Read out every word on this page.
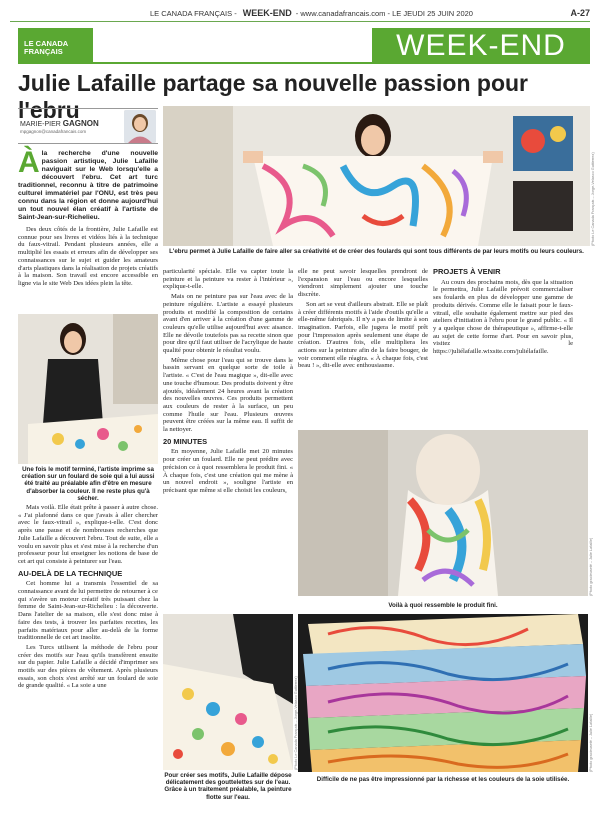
LE CANADA FRANÇAIS - WEEK-END - www.canadafrancais.com - LE JEUDI 25 JUIN 2020	A-27
LE CANADA
FRANÇAIS	WEEK-END
Julie Lafaille partage sa nouvelle passion pour l'ebru
MARIE-PIER GAGNON
mpgagnon@canadafrancais.com
À la recherche d'une nouvelle passion artistique, Julie Lafaille naviguait sur le Web lorsqu'elle a découvert l'ebru. Cet art turc traditionnel, reconnu à titre de patrimoine culturel immatériel par l'ONU, est très peu connu dans la région et donne aujourd'hui un tout nouvel élan créatif à l'artiste de Saint-Jean-sur-Richelieu.

Des deux côtés de la frontière, Julie Lafaille est connue pour ses livres et vidéos liés à la technique du faux-vitrail. Pendant plusieurs années, elle a multiplié les essais et erreurs afin de développer ses connaissances sur le sujet et guider les amateurs d'arts plastiques dans la réalisation de projets créatifs à la maison. Son travail est encore accessible en ligne via le site Web Des idées plein la tête.

(Photo Le Canada Français – Jorge-Velasco Guttierrez)
L'ebru permet à Julie Lafaille de faire aller sa créativité et de créer des foulards qui sont tous différents de par leurs motifs ou leurs couleurs.
Une fois le motif terminé, l'artiste imprime sa création sur un foulard de soie qui a lui aussi été traité au préalable afin d'être en mesure d'absorber la couleur. Il ne reste plus qu'à sécher.

Mais voilà. Elle était prête à passer à autre chose. « J'ai plafonné dans ce que j'avais à aller chercher avec le faux-vitrail », explique-t-elle. C'est donc après une pause et de nombreuses recherches que Julie Lafaille a découvert l'ebru. Tout de suite, elle a voulu en savoir plus et s'est mise à la recherche d'un professeur pour lui enseigner les notions de base de cet art qui consiste à peinturer sur l'eau.

AU-DELÀ DE LA TECHNIQUE

Cet homme lui a transmis l'essentiel de sa connaissance avant de lui permettre de retourner à ce qui s'avère un moteur créatif très puissant chez la femme de Saint-Jean-sur-Richelieu : la découverte. Dans l'atelier de sa maison, elle s'est donc mise à faire des tests, à trouver les parfaites recettes, les parfaits matériaux pour aller au-delà de la forme traditionnelle de cet art insolite.

Les Turcs utilisent la méthode de l'ebru pour créer des motifs sur l'eau qu'ils transfèrent ensuite sur du papier. Julie Lafaille a décidé d'imprimer ses motifs sur des pièces de vêtement. Après plusieurs essais, son choix s'est arrêté sur un foulard de soie de grande qualité. « La soie a une

particularité spéciale. Elle va capter toute la peinture et la peinture va rester à l'intérieur », explique-t-elle.

Mais on ne peinture pas sur l'eau avec de la peinture régulière. L'artiste a essayé plusieurs produits et modifié la composition de certains avant d'en arriver à la création d'une gamme de couleurs qu'elle utilise aujourd'hui avec aisance. Elle ne dévoile toutefois pas sa recette sinon que pour dire qu'il faut utiliser de l'acrylique de haute qualité pour obtenir le résultat voulu.

Même chose pour l'eau qui se trouve dans le bassin servant en quelque sorte de toile à l'artiste. « C'est de l'eau magique », dit-elle avec une touche d'humour. Des produits doivent y être ajoutés, idéalement 24 heures avant la création des nouvelles œuvres. Ces produits permettent aux couleurs de rester à la surface, un peu comme l'huile sur l'eau. Plusieurs œuvres peuvent être créées sur la même eau. Il suffit de la nettoyer.

20 MINUTES

En moyenne, Julie Lafaille met 20 minutes pour créer un foulard. Elle ne peut prédire avec précision ce à quoi ressemblera le produit fini. « À chaque fois, c'est une création qui me mène à un nouvel endroit », souligne l'artiste en précisant que même si elle choisit les couleurs,

elle ne peut savoir lesquelles prendront de l'expansion sur l'eau ou encore lesquelles viendront simplement ajouter une touche discrète.

Son art se veut d'ailleurs abstrait. Elle se plaît à créer différents motifs à l'aide d'outils qu'elle a elle-même fabriqués. Il n'y a pas de limite à son imagination. Parfois, elle jugera le motif prêt pour l'impression après seulement une étape de création. D'autres fois, elle multipliera les actions sur la peinture afin de la faire bouger, de voir comment elle réagira. « À chaque fois, c'est beau ! », dit-elle avec enthousiasme.

PROJETS À VENIR

Au cours des prochains mois, dès que la situation le permettra, Julie Lafaille prévoit commercialiser ses foulards en plus de développer une gamme de produits dérivés. Comme elle le faisait pour le faux-vitrail, elle souhaite également mettre sur pied des ateliers d'initiation à l'ebru pour le grand public. « Il y a quelque chose de thérapeutique », affirme-t-elle au sujet de cette forme d'art. Pour en savoir plus, visitez le https://juliélafaille.wixsite.com/juliélafaille.

(Photo gracieuseté – Julie Lafaille)
Voilà à quoi ressemble le produit fini.
(Photo Le Canada Français – Jorge-Velasco Guttierrez)
Pour créer ses motifs, Julie Lafaille dépose délicatement des gouttelettes sur de l'eau. Grâce à un traitement préalable, la peinture flotte sur l'eau.
(Photo gracieuseté – Julie Lafaille)
Difficile de ne pas être impressionné par la richesse et les couleurs de la soie utilisée.
